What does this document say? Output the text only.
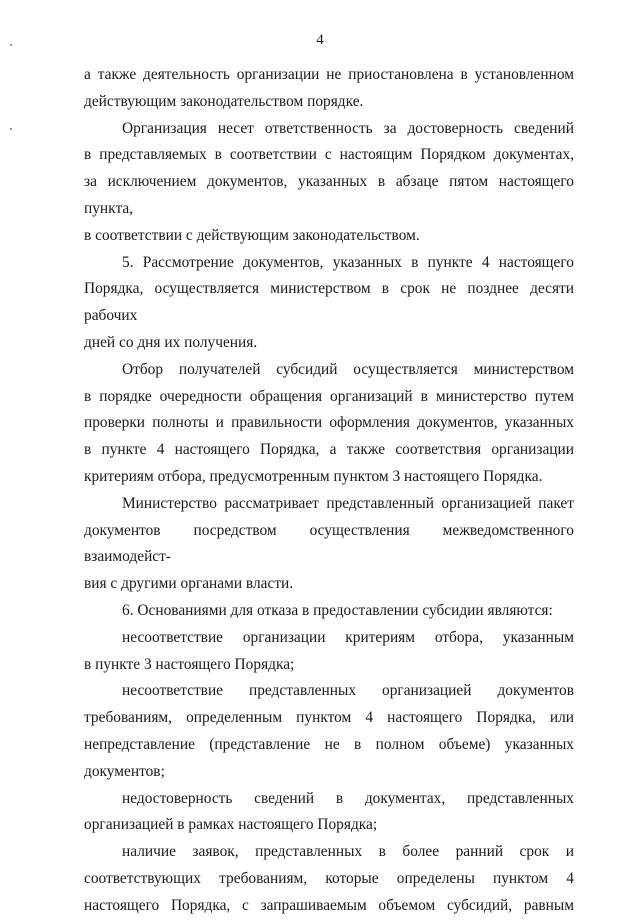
4
а также деятельность организации не приостановлена в установленном
действующим законодательством порядке.
Организация несет ответственность за достоверность сведений
в представляемых в соответствии с настоящим Порядком документах,
за исключением документов, указанных в абзаце пятом настоящего пункта,
в соответствии с действующим законодательством.
5. Рассмотрение документов, указанных в пункте 4 настоящего
Порядка, осуществляется министерством в срок не позднее десяти рабочих
дней со дня их получения.
Отбор получателей субсидий осуществляется министерством
в порядке очередности обращения организаций в министерство путем
проверки полноты и правильности оформления документов, указанных
в пункте 4 настоящего Порядка, а также соответствия организации
критериям отбора, предусмотренным пунктом 3 настоящего Порядка.
Министерство рассматривает представленный организацией пакет
документов посредством осуществления межведомственного взаимодейст-
вия с другими органами власти.
6. Основаниями для отказа в предоставлении субсидии являются:
несоответствие организации критериям отбора, указанным
в пункте 3 настоящего Порядка;
несоответствие представленных организацией документов
требованиям, определенным пунктом 4 настоящего Порядка, или
непредставление (представление не в полном объеме) указанных документов;
недостоверность сведений в документах, представленных
организацией в рамках настоящего Порядка;
наличие заявок, представленных в более ранний срок и
соответствующих требованиям, которые определены пунктом 4
настоящего Порядка, с запрашиваемым объемом субсидий, равным
